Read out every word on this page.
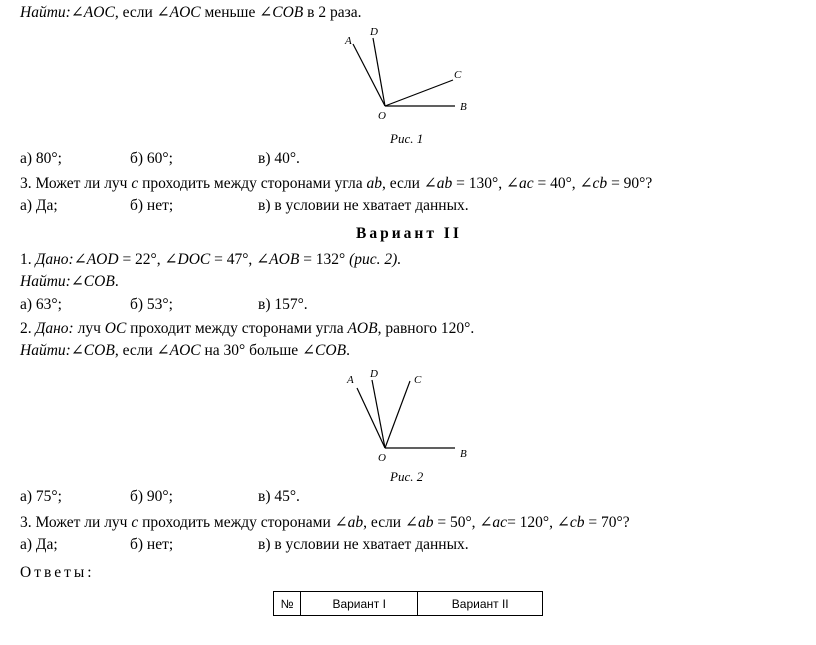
Найти:∠AOC, если ∠AOC меньше ∠COB в 2 раза.
A
D
C
O
B
Рис. 1
а) 80°;	б) 60°;	в) 40°.
3. Может ли луч c проходить между сторонами угла ab, если ∠ab = 130°, ∠ac = 40°, ∠cb = 90°?
а) Да;	б) нет;	в) в условии не хватает данных.
Вариант II
1. Дано:∠AOD = 22°, ∠DOC = 47°, ∠AOB = 132° (рис. 2).
Найти:∠COB.
а) 63°;	б) 53°;	в) 157°.
2. Дано: луч OC проходит между сторонами угла AOB, равного 120°.
Найти:∠COB, если ∠AOC на 30° больше ∠COB.
A D	C
O	B
Рис. 2
а) 75°;	б) 90°;	в) 45°.
3. Может ли луч c проходить между сторонами ∠ab, если ∠ab = 50°, ∠ac= 120°, ∠cb = 70°?
а) Да;	б) нет;	в) в условии не хватает данных.
Ответы:
№	Вариант I	Вариант II
